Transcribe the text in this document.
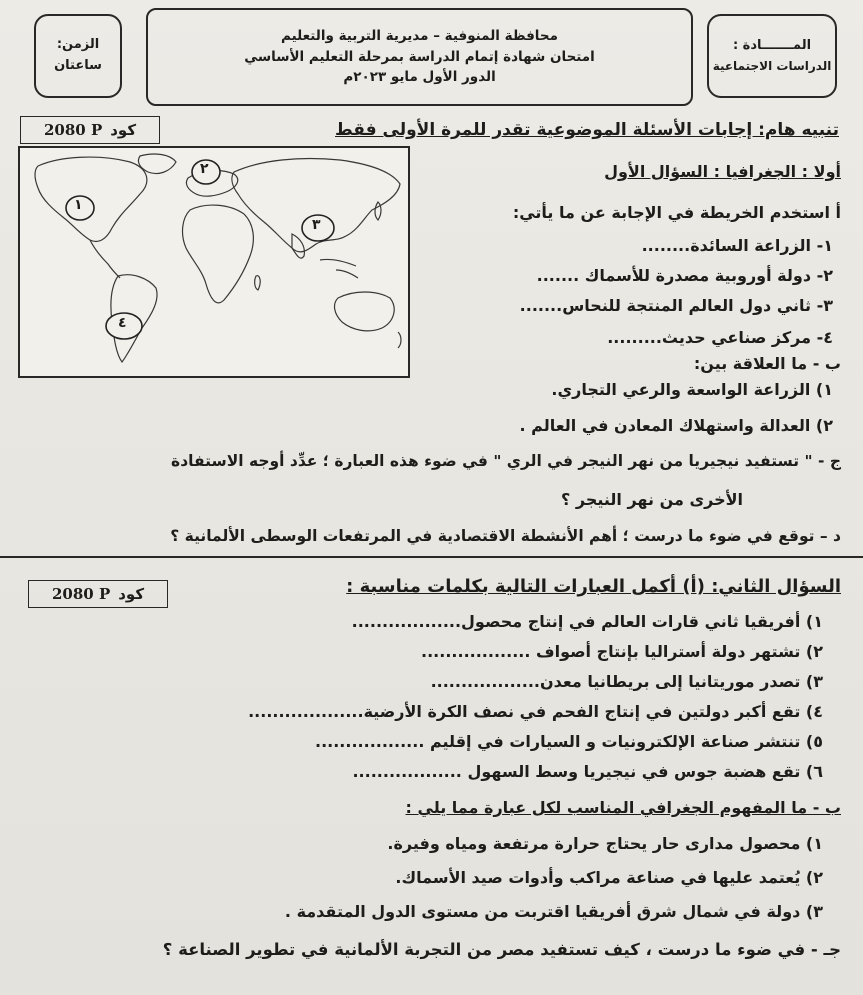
المـــــــادة :
الدراسات الاجتماعية
محافظة المنوفية – مديرية التربية والتعليم
امتحان شهادة إتمام الدراسة بمرحلة التعليم الأساسي
الدور الأول مايو ٢٠٢٣م
الزمن:
ساعتان
تنبيه هام: إجابات الأسئلة الموضوعية تقدر للمرة الأولى فقط
كود
2080 P
١
٢
٣
٤
أولا : الجغرافيا : السؤال الأول
أ استخدم الخريطة في الإجابة عن ما يأتي:
١- الزراعة السائدة........
٢- دولة أوروبية مصدرة للأسماك .......
٣- ثاني دول العالم المنتجة للنحاس.......
٤- مركز صناعي حديث.........
ب - ما العلاقة بين:
١) الزراعة الواسعة والرعي التجاري.
٢) العدالة واستهلاك المعادن في العالم .
ج - " تستفيد نيجيريا من نهر النيجر في الري " في ضوء هذه العبارة ؛ عدِّد أوجه الاستفادة
الأخرى من نهر النيجر ؟
د – توقع في ضوء ما درست ؛ أهم الأنشطة الاقتصادية في المرتفعات الوسطى الألمانية ؟
كود
2080 P	السؤال الثاني: (أ) أكمل العبارات التالية بكلمات مناسبة :
١) أفريقيا ثاني قارات العالم في إنتاج محصول..................
٢) تشتهر دولة أستراليا بإنتاج أصواف ..................
٣) تصدر موريتانيا إلى بريطانيا معدن..................
٤) تقع أكبر دولتين في إنتاج الفحم في نصف الكرة الأرضية...................
٥) تنتشر صناعة الإلكترونيات و السيارات في إقليم ..................
٦) تقع هضبة جوس في نيجيريا وسط السهول ..................
ب - ما المفهوم الجغرافي المناسب لكل عبارة مما يلي :
١) محصول مدارى حار يحتاج حرارة مرتفعة ومياه وفيرة.
٢) يُعتمد عليها في صناعة مراكب وأدوات صيد الأسماك.
٣) دولة في شمال شرق أفريقيا اقتربت من مستوى الدول المتقدمة .
جـ - في ضوء ما درست ، كيف تستفيد مصر من التجربة الألمانية في تطوير الصناعة ؟
